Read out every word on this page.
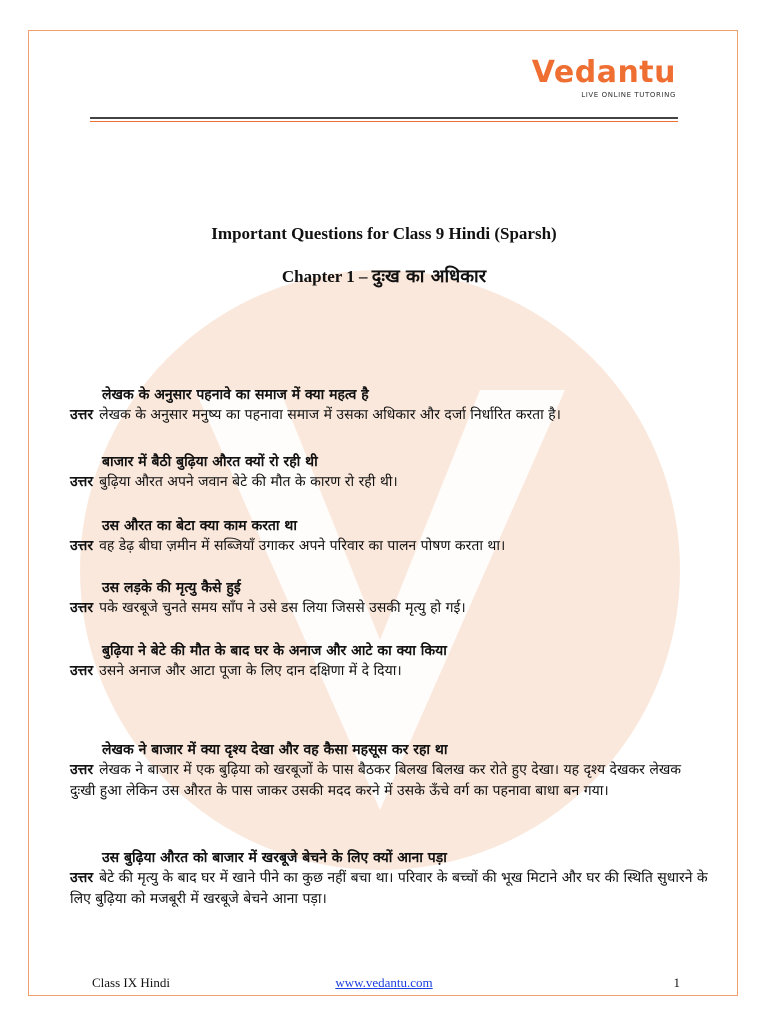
Vedantu
LIVE ONLINE TUTORING
Important Questions for Class 9 Hindi (Sparsh)
Chapter 1 – दुःख का अधिकार
लेखक के अनुसार पहनावे का समाज में क्या महत्व है
उत्तर लेखक के अनुसार मनुष्य का पहनावा समाज में उसका अधिकार और दर्जा निर्धारित करता है।
बाजार में बैठी बुढ़िया औरत क्यों रो रही थी
उत्तर बुढ़िया औरत अपने जवान बेटे की मौत के कारण रो रही थी।
उस औरत का बेटा क्या काम करता था
उत्तर वह डेढ़ बीघा ज़मीन में सब्जियाँ उगाकर अपने परिवार का पालन पोषण करता था।
उस लड़के की मृत्यु कैसे हुई
उत्तर पके खरबूजे चुनते समय साँप ने उसे डस लिया जिससे उसकी मृत्यु हो गई।
बुढ़िया ने बेटे की मौत के बाद घर के अनाज और आटे का क्या किया
उत्तर उसने अनाज और आटा पूजा के लिए दान दक्षिणा में दे दिया।
लेखक ने बाजार में क्या दृश्य देखा और वह कैसा महसूस कर रहा था
उत्तर लेखक ने बाजार में एक बुढ़िया को खरबूजों के पास बैठकर बिलख बिलख कर रोते हुए देखा। यह दृश्य देखकर लेखक दुःखी हुआ लेकिन उस औरत के पास जाकर उसकी मदद करने में उसके ऊँचे वर्ग का पहनावा बाधा बन गया।
उस बुढ़िया औरत को बाजार में खरबूजे बेचने के लिए क्यों आना पड़ा
उत्तर बेटे की मृत्यु के बाद घर में खाने पीने का कुछ नहीं बचा था। परिवार के बच्चों की भूख मिटाने और घर की स्थिति सुधारने के लिए बुढ़िया को मजबूरी में खरबूजे बेचने आना पड़ा।
Class IX Hindi	www.vedantu.com	1
